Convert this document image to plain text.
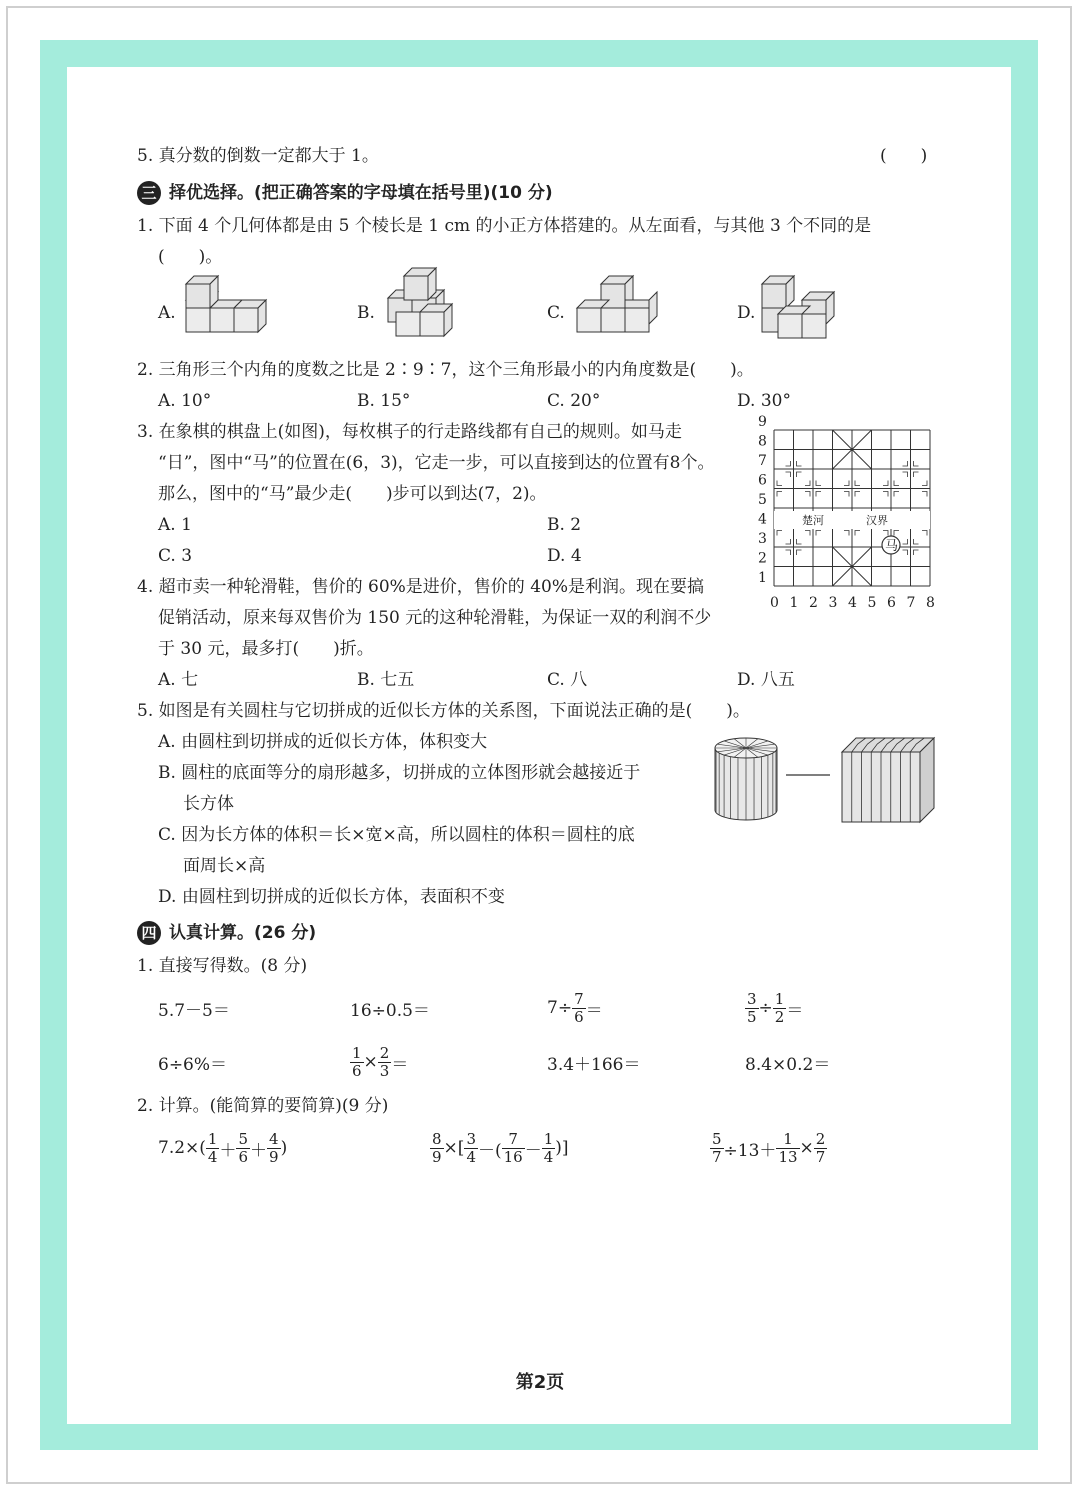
5. 真分数的倒数一定都大于 1。	(　　)
三 择优选择。(把正确答案的字母填在括号里)(10 分)
1. 下面 4 个几何体都是由 5 个棱长是 1 cm 的小正方体搭建的。从左面看，与其他 3 个不同的是
(　　)。
A.	B.	C.	D.
2. 三角形三个内角的度数之比是 2∶9∶7，这个三角形最小的内角度数是(　　)。
A. 10°	B. 15°	C. 20°	D. 30°
3. 在象棋的棋盘上(如图)，每枚棋子的行走路线都有自己的规则。如马走
“日”，图中“马”的位置在(6，3)，它走一步，可以直接到达的位置有8个。
那么，图中的“马”最少走(　　)步可以到达(7，2)。
A. 1	B. 2
C. 3	D. 4
9
8
7
6
5
4
3
2
1
0 1 2 3 4 5 6 7 8
楚河	汉界
马
4. 超市卖一种轮滑鞋，售价的 60%是进价，售价的 40%是利润。现在要搞
促销活动，原来每双售价为 150 元的这种轮滑鞋，为保证一双的利润不少
于 30 元，最多打(　　)折。
A. 七	B. 七五	C. 八	D. 八五
5. 如图是有关圆柱与它切拼成的近似长方体的关系图，下面说法正确的是(　　)。
A. 由圆柱到切拼成的近似长方体，体积变大
B. 圆柱的底面等分的扇形越多，切拼成的立体图形就会越接近于
长方体
C. 因为长方体的体积＝长×宽×高，所以圆柱的体积＝圆柱的底
面周长×高
D. 由圆柱到切拼成的近似长方体，表面积不变
四 认真计算。(26 分)
1. 直接写得数。(8 分)
5.7－5＝	16÷0.5＝	$7\div \frac{7}{6}$ ＝	$\frac{3}{5} \div \frac{1}{2}$ ＝
6÷6%＝	$\frac{1}{6} \times \frac{2}{3}$ ＝	3.4＋166＝	8.4×0.2＝
2. 计算。(能简算的要简算)(9 分)
$7.2\times( \frac{1}{4} + \frac{5}{6} + \frac{4}{9}$ )	$\frac{8}{9}$ ×[ $\frac{3}{4}$ －( $\frac{7}{16} - \frac{1}{4}$ )]	$\frac{5}{7} \div 13+ \frac{1}{13} \times \frac{2}{7}$
第2页
